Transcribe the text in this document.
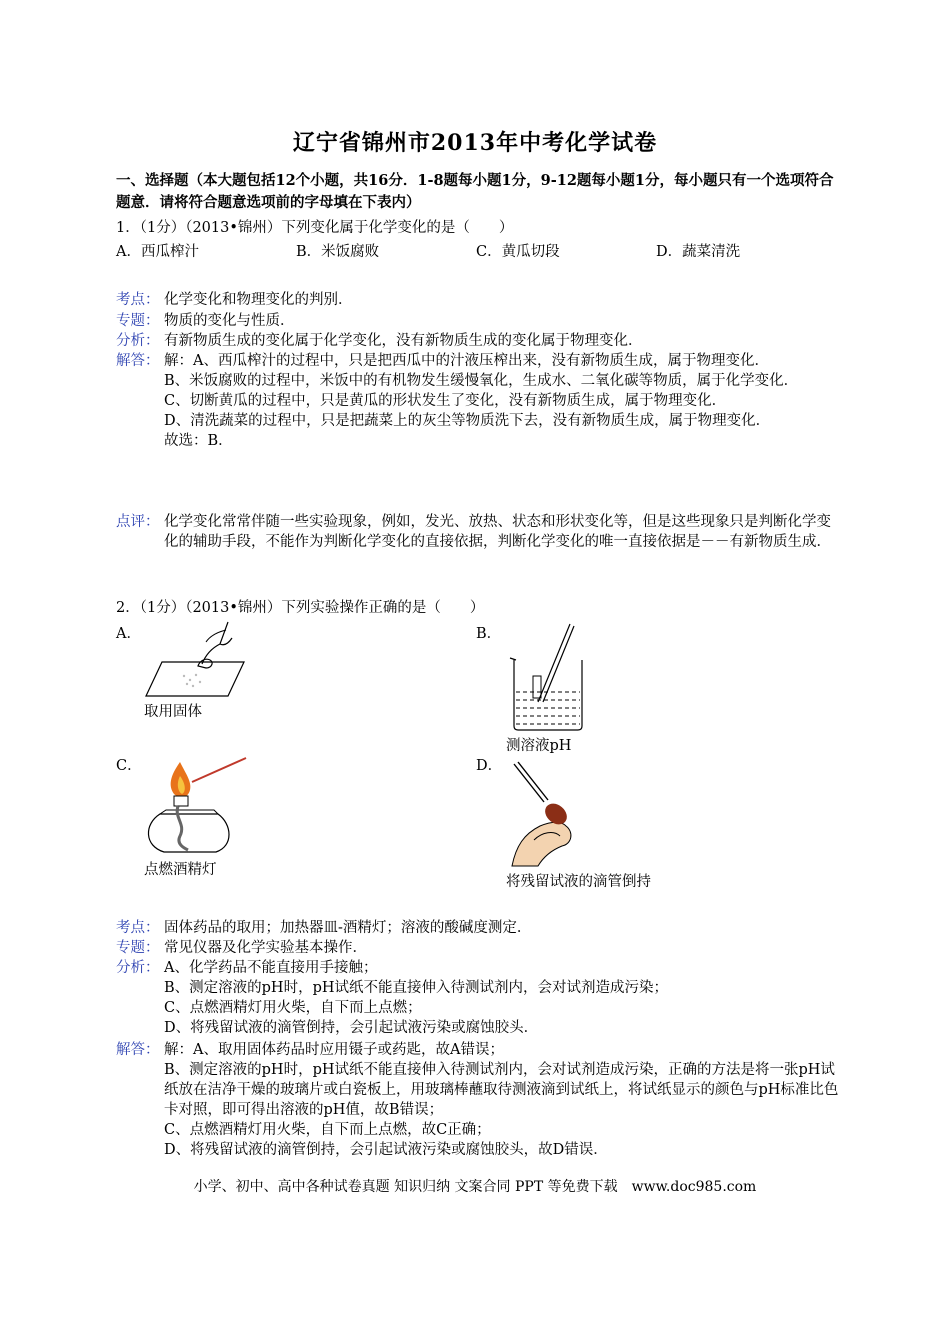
辽宁省锦州市2013年中考化学试卷
一、选择题（本大题包括12个小题，共16分．1-8题每小题1分，9-12题每小题1分，每小题只有一个选项符合题意．请将符合题意选项前的字母填在下表内）
1．（1分）（2013•锦州）下列变化属于化学变化的是（　　）
A．西瓜榨汁	B．米饭腐败	C．黄瓜切段	D．蔬菜清洗
考点： 化学变化和物理变化的判别．
专题： 物质的变化与性质．
分析： 有新物质生成的变化属于化学变化，没有新物质生成的变化属于物理变化．
解答： 解：A、西瓜榨汁的过程中，只是把西瓜中的汁液压榨出来，没有新物质生成，属于物理变化．
B、米饭腐败的过程中，米饭中的有机物发生缓慢氧化，生成水、二氧化碳等物质，属于化学变化．
C、切断黄瓜的过程中，只是黄瓜的形状发生了变化，没有新物质生成，属于物理变化．
D、清洗蔬菜的过程中，只是把蔬菜上的灰尘等物质洗下去，没有新物质生成，属于物理变化．
故选：B．
点评： 化学变化常常伴随一些实验现象，例如，发光、放热、状态和形状变化等，但是这些现象只是判断化学变化的辅助手段，不能作为判断化学变化的直接依据，判断化学变化的唯一直接依据是－－有新物质生成．
2．（1分）（2013•锦州）下列实验操作正确的是（　　）
A．
取用固体
B．
测溶液pH
C．
点燃酒精灯
D．
将残留试液的滴管倒持
考点： 固体药品的取用；加热器皿-酒精灯；溶液的酸碱度测定．
专题： 常见仪器及化学实验基本操作．
分析： A、化学药品不能直接用手接触；
B、测定溶液的pH时，pH试纸不能直接伸入待测试剂内，会对试剂造成污染；
C、点燃酒精灯用火柴，自下而上点燃；
D、将残留试液的滴管倒持，会引起试液污染或腐蚀胶头．
解答： 解：A、取用固体药品时应用镊子或药匙，故A错误；
B、测定溶液的pH时，pH试纸不能直接伸入待测试剂内，会对试剂造成污染，正确的方法是将一张pH试纸放在洁净干燥的玻璃片或白瓷板上，用玻璃棒蘸取待测液滴到试纸上，将试纸显示的颜色与pH标准比色卡对照，即可得出溶液的pH值，故B错误；
C、点燃酒精灯用火柴，自下而上点燃，故C正确；
D、将残留试液的滴管倒持，会引起试液污染或腐蚀胶头，故D错误．
小学、初中、高中各种试卷真题 知识归纳 文案合同 PPT 等免费下载　www.doc985.com
